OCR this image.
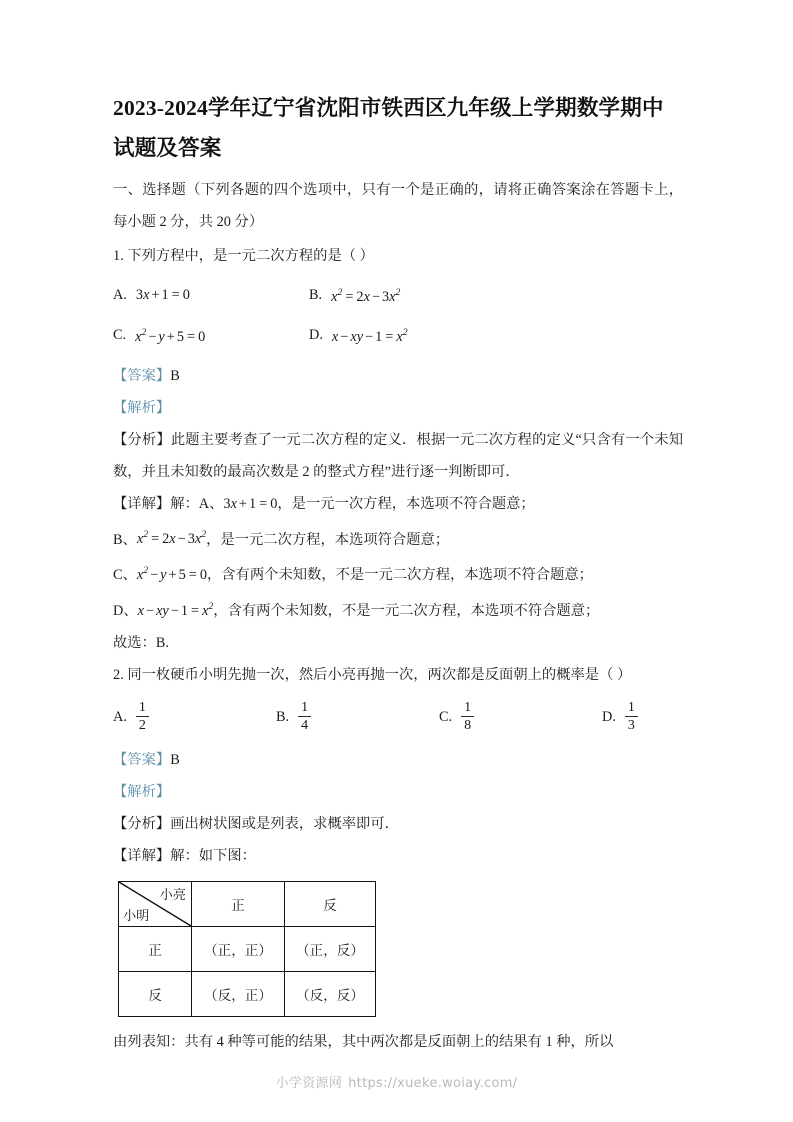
2023-2024学年辽宁省沈阳市铁西区九年级上学期数学期中试题及答案

一、选择题（下列各题的四个选项中，只有一个是正确的，请将正确答案涂在答题卡上，每小题 2 分，共 20 分）

1. 下列方程中，是一元二次方程的是（ ）

A. 3x + 1 = 0	B. $x^2 = 2x - 3x^2$
C. $x^2 - y + 5 = 0$	D. x − xy − $1 = x^2$

【答案】B

【解析】

【分析】此题主要考查了一元二次方程的定义．根据一元二次方程的定义“只含有一个未知数，并且未知数的最高次数是 2 的整式方程”进行逐一判断即可．

【详解】解：A、3x + 1 = 0，是一元一次方程，本选项不符合题意；

B、$x^2 = 2x - 3x^2$，是一元二次方程，本选项符合题意；

C、$x^2 - y + 5 = 0$，含有两个未知数，不是一元二次方程，本选项不符合题意；

D、x − xy − $1 = x^2$，含有两个未知数，不是一元二次方程，本选项不符合题意；

故选：B.

2. 同一枚硬币小明先抛一次，然后小亮再抛一次，两次都是反面朝上的概率是（ ）

A. $\frac{1}{2}$	B. $\frac{1}{4}$	C. $\frac{1}{8}$	D. $\frac{1}{3}$

【答案】B

【解析】

【分析】画出树状图或是列表，求概率即可．

【详解】解：如下图：

小亮
小明	正	反
正	（正，正）	（正，反）
反	（反，正）	（反，反）

由列表知：共有 4 种等可能的结果，其中两次都是反面朝上的结果有 1 种，所以

小学资源网 https://xueke.woiay.com/
